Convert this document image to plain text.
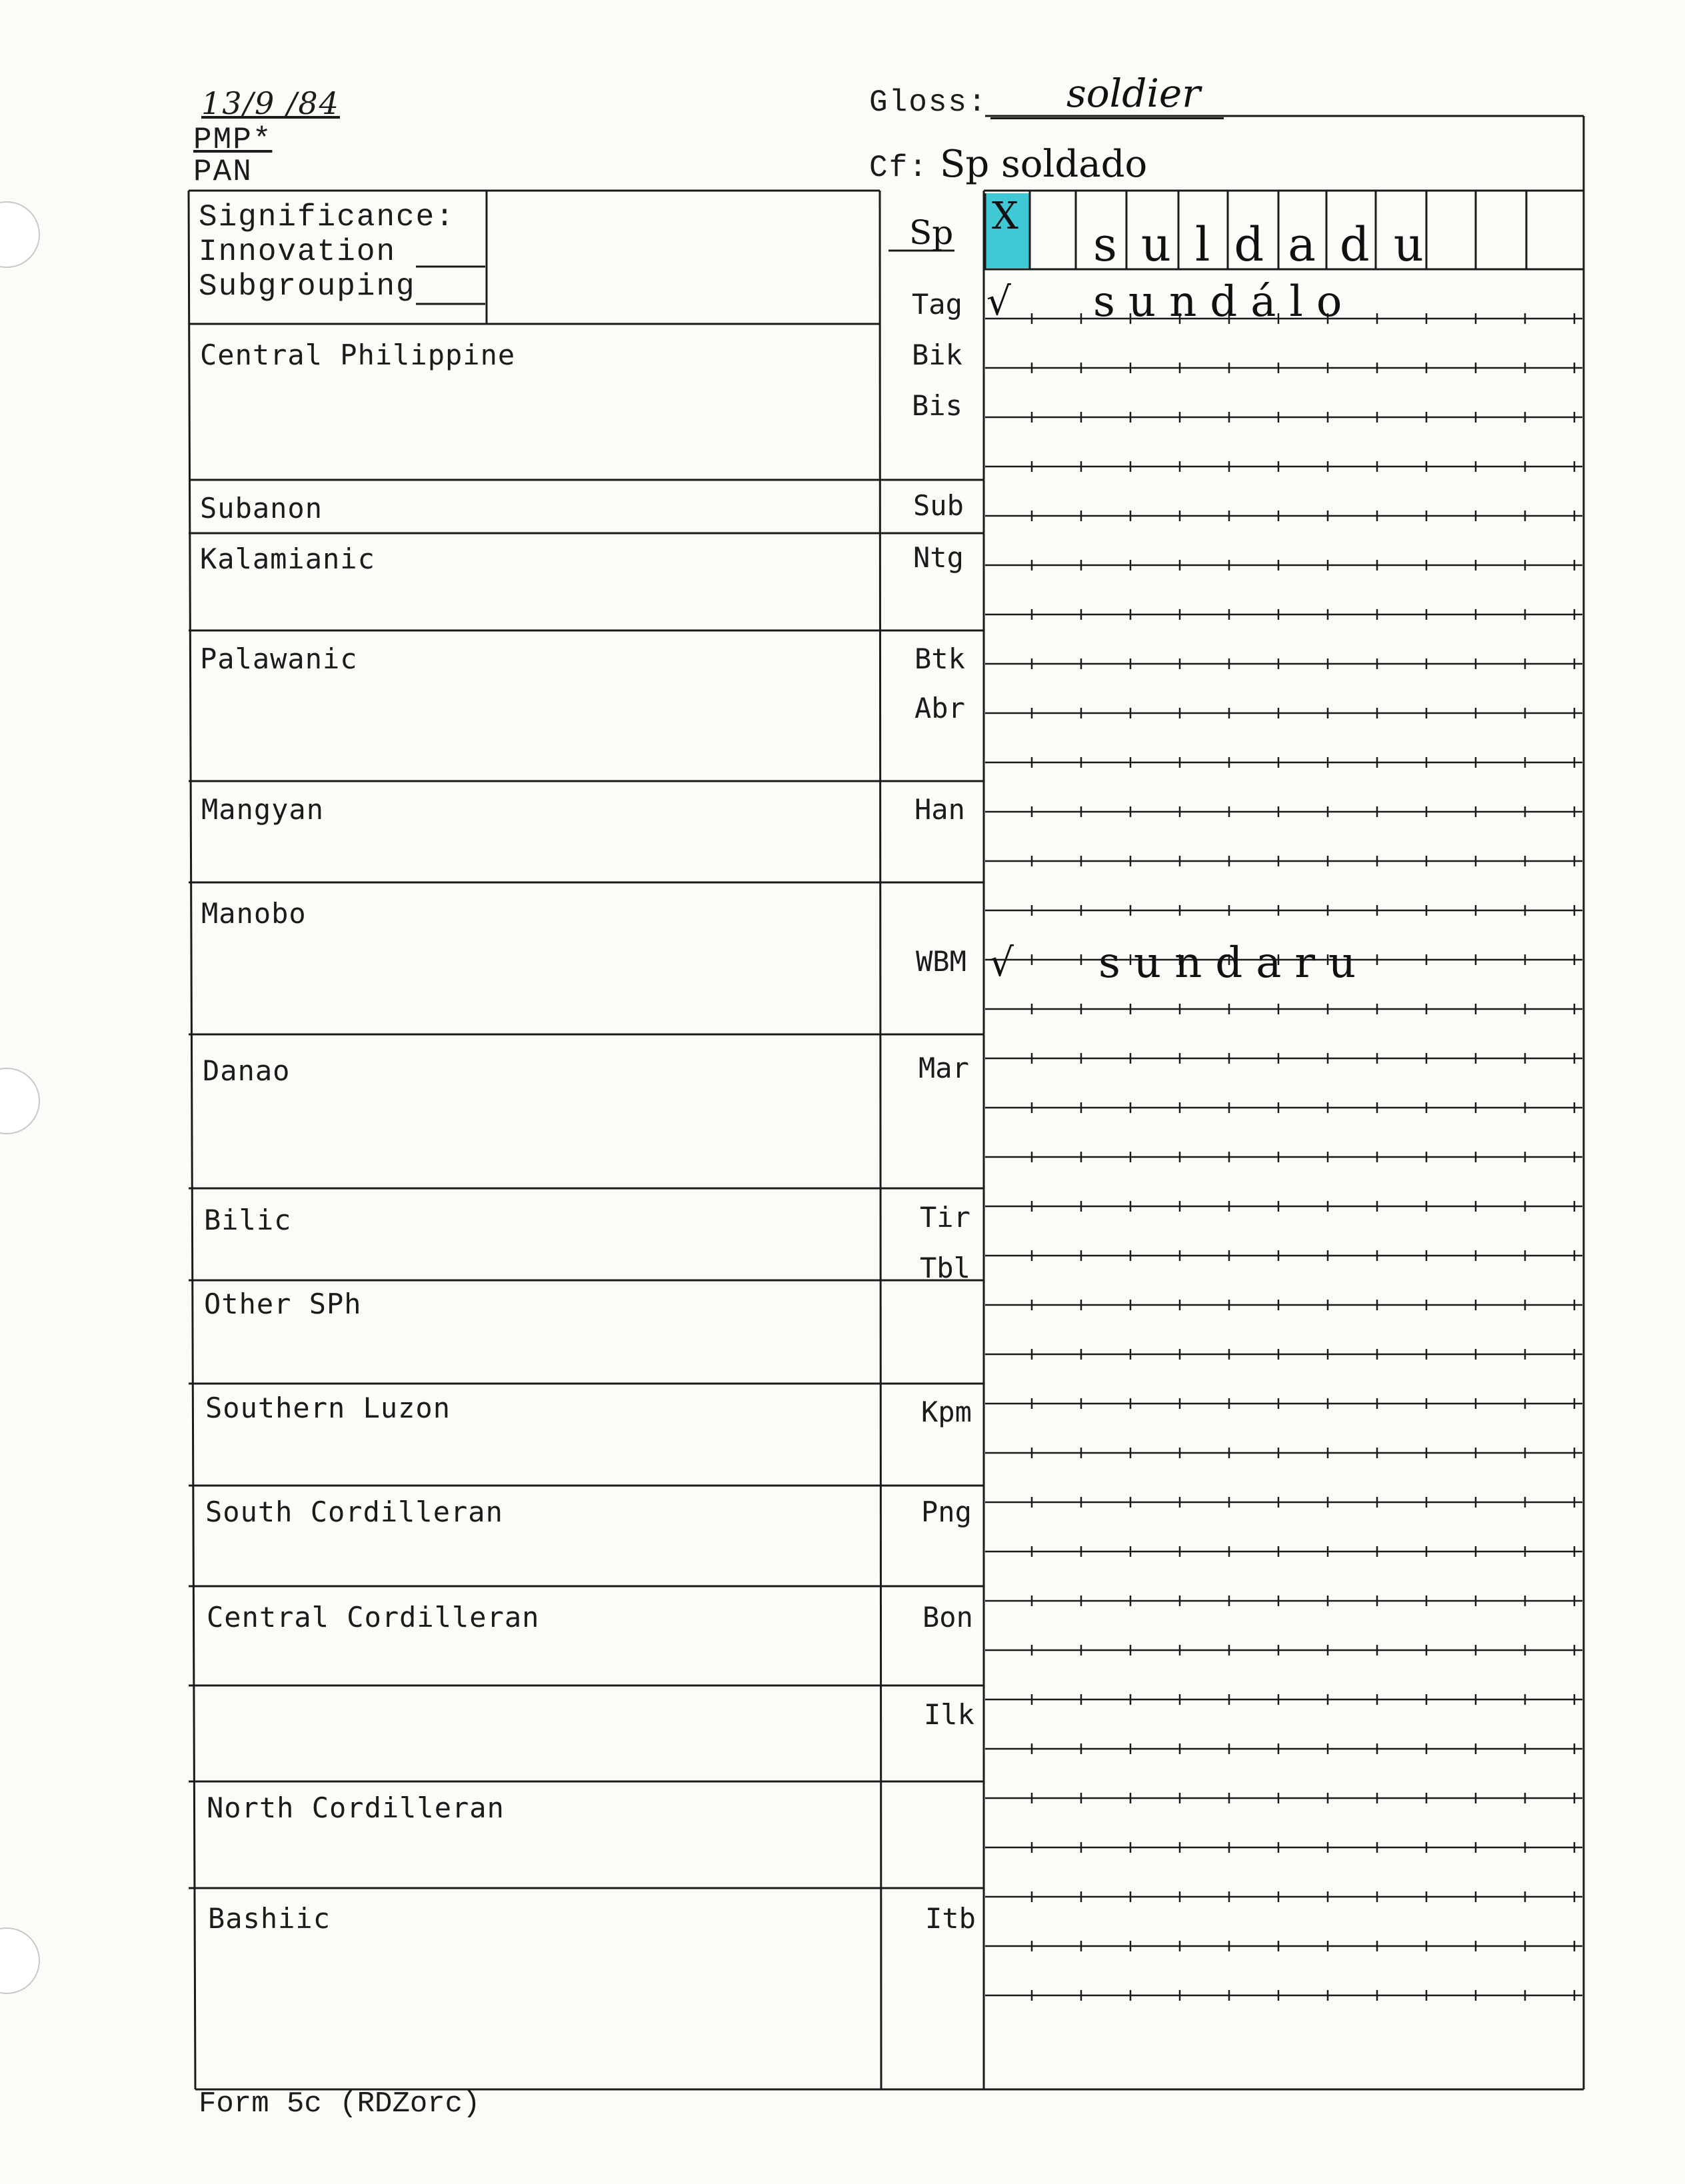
13/9 /84
PMP*
PAN
Gloss: soldier
Cf: Sp soldado
Significance:
Innovation
Subgrouping
Central Philippine
Subanon
Kalamianic
Palawanic
Mangyan
Manobo
Danao
Bilic
Other SPh
Southern Luzon
South Cordilleran
Central Cordilleran
North Cordilleran
Bashiic
Sp
Tag
Bik
Bis
Sub
Ntg
Btk
Abr
Han
WBM
Mar
Tir
Tbl
Kpm
Png
Bon
Ilk
Itb
X
suldadu
√ sundálo
√ sundaru
Form 5c (RDZorc)
